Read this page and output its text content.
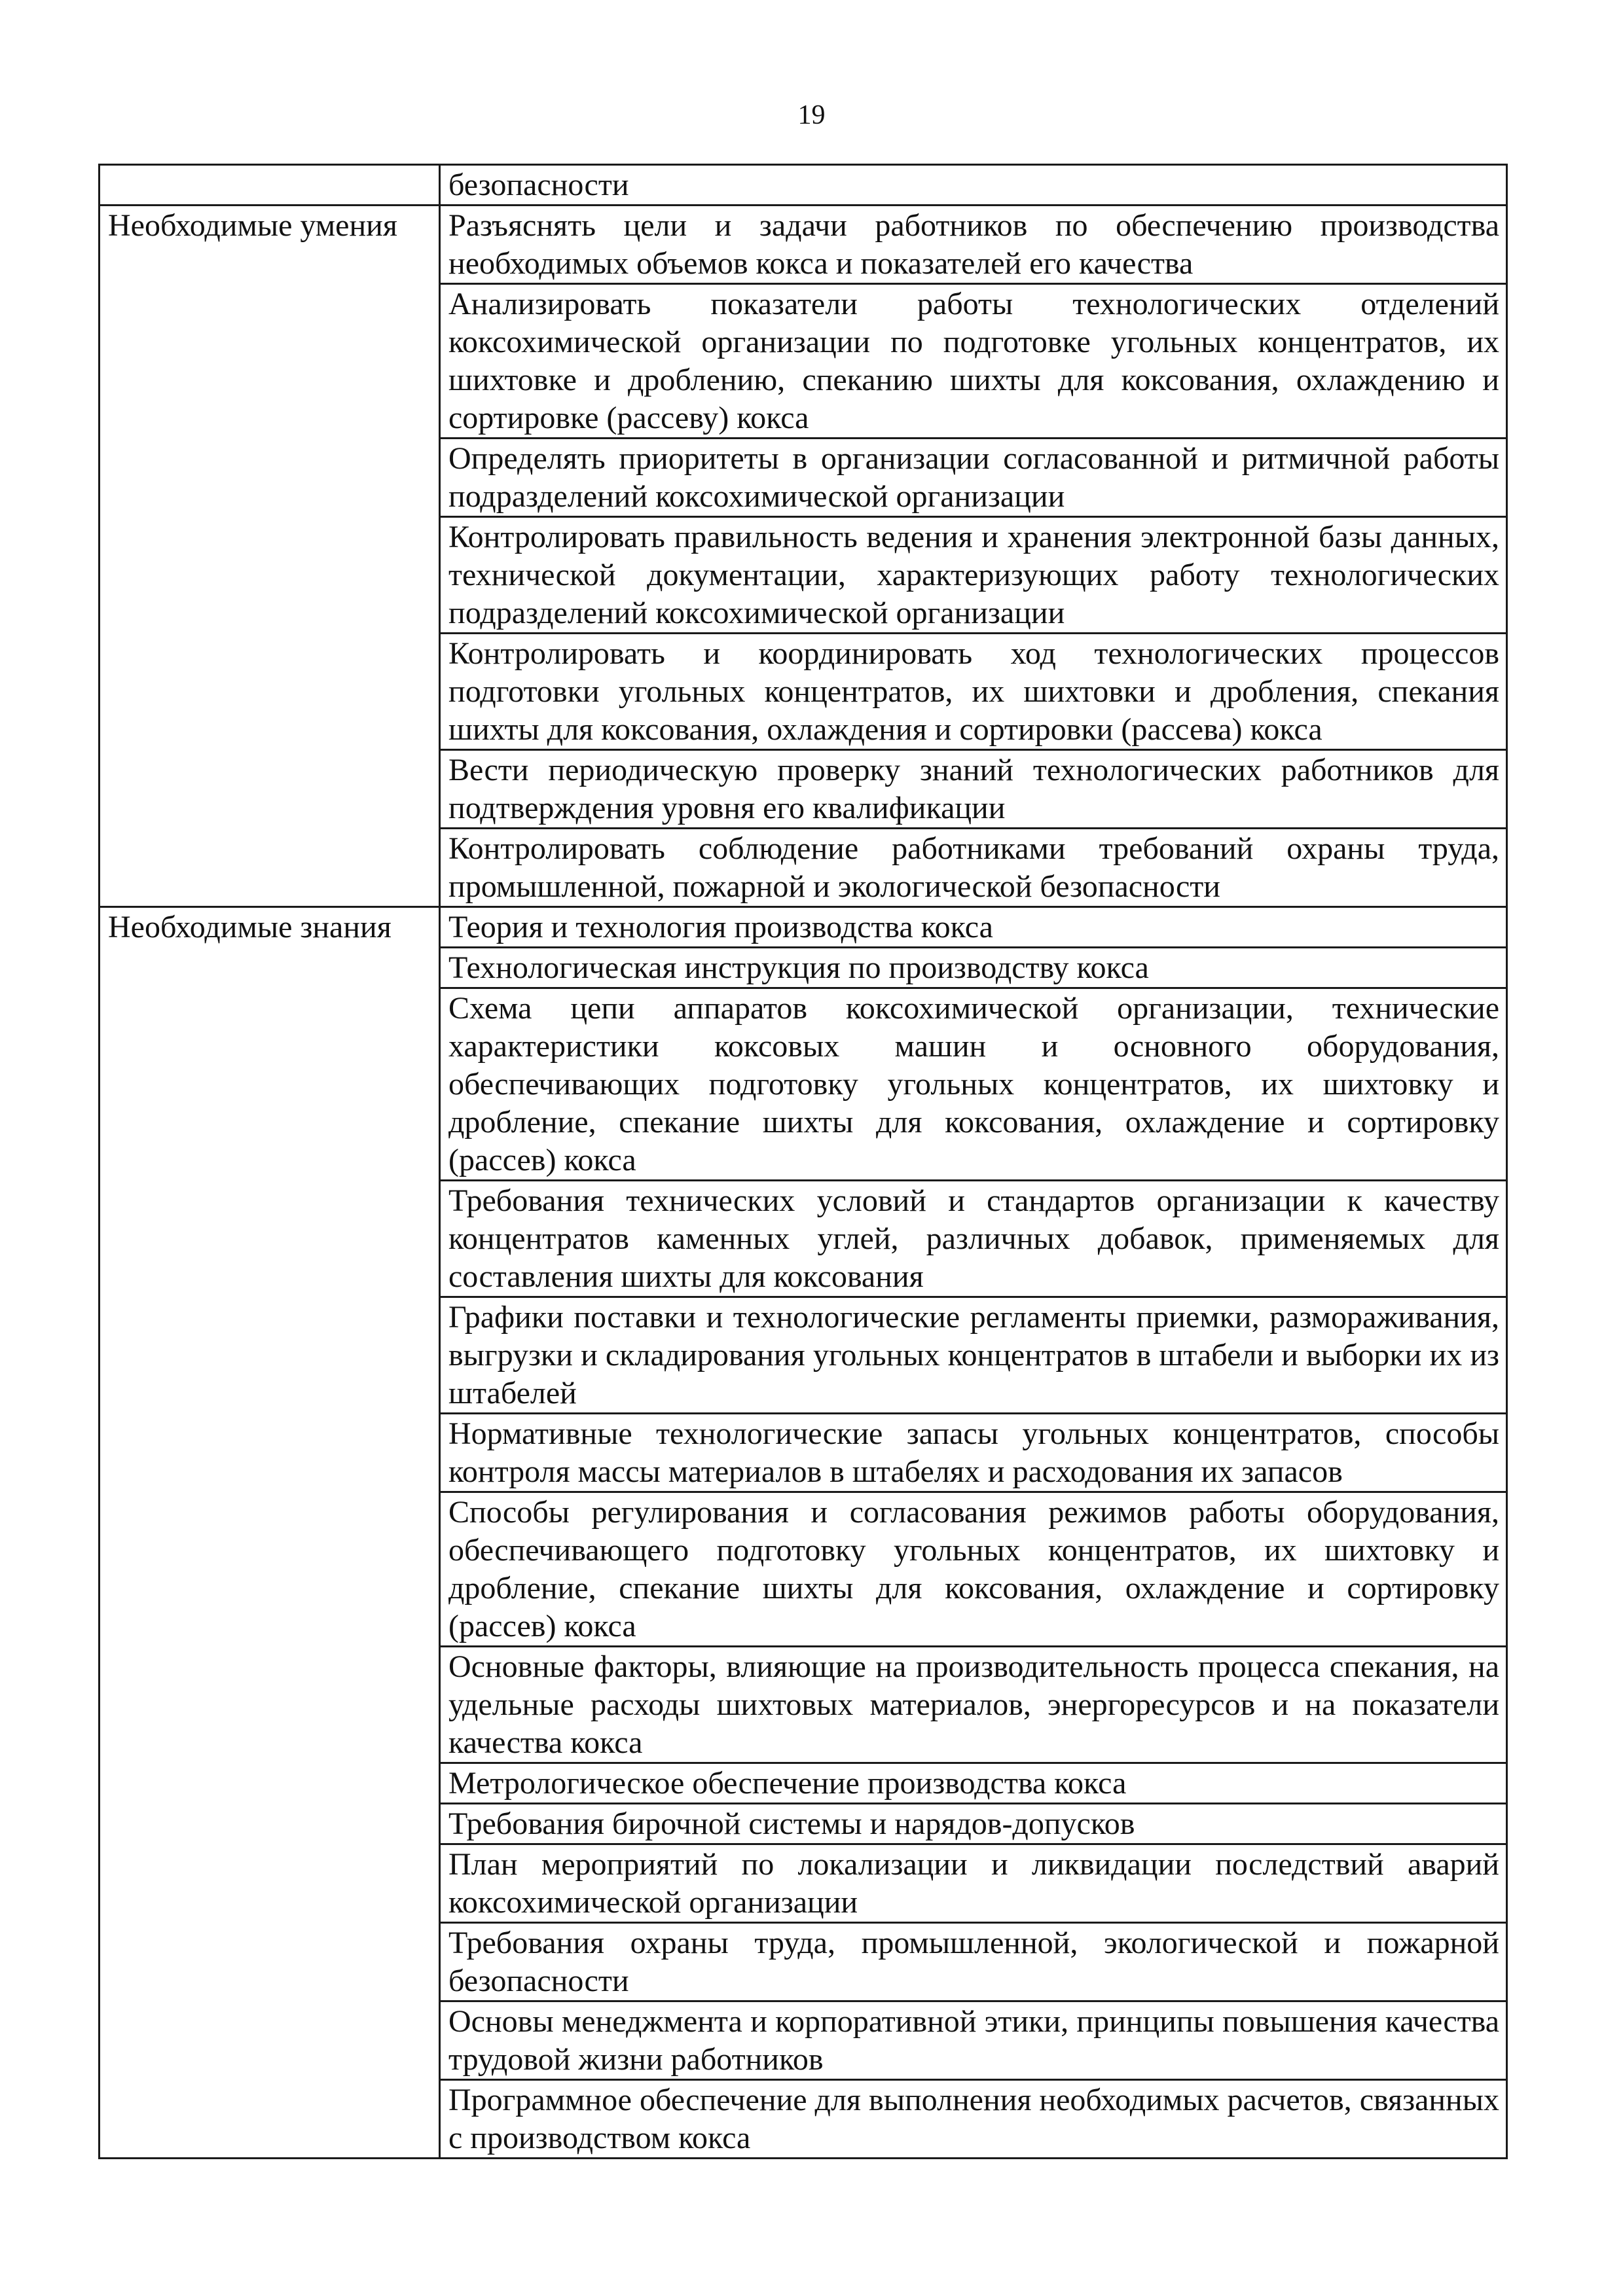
19
	безопасности
Необходимые умения	Разъяснять цели и задачи работников по обеспечению производства необходимых объемов кокса и показателей его качества
	Анализировать показатели работы технологических отделений коксохимической организации по подготовке угольных концентратов, их шихтовке и дроблению, спеканию шихты для коксования, охлаждению и сортировке (рассеву) кокса
	Определять приоритеты в организации согласованной и ритмичной работы подразделений коксохимической организации
	Контролировать правильность ведения и хранения электронной базы данных, технической документации, характеризующих работу технологических подразделений коксохимической организации
	Контролировать и координировать ход технологических процессов подготовки угольных концентратов, их шихтовки и дробления, спекания шихты для коксования, охлаждения и сортировки (рассева) кокса
	Вести периодическую проверку знаний технологических работников для подтверждения уровня его квалификации
	Контролировать соблюдение работниками требований охраны труда, промышленной, пожарной и экологической безопасности
Необходимые знания	Теория и технология производства кокса
	Технологическая инструкция по производству кокса
	Схема цепи аппаратов коксохимической организации, технические характеристики коксовых машин и основного оборудования, обеспечивающих подготовку угольных концентратов, их шихтовку и дробление, спекание шихты для коксования, охлаждение и сортировку (рассев) кокса
	Требования технических условий и стандартов организации к качеству концентратов каменных углей, различных добавок, применяемых для составления шихты для коксования
	Графики поставки и технологические регламенты приемки, размораживания, выгрузки и складирования угольных концентратов в штабели и выборки их из штабелей
	Нормативные технологические запасы угольных концентратов, способы контроля массы материалов в штабелях и расходования их запасов
	Способы регулирования и согласования режимов работы оборудования, обеспечивающего подготовку угольных концентратов, их шихтовку и дробление, спекание шихты для коксования, охлаждение и сортировку (рассев) кокса
	Основные факторы, влияющие на производительность процесса спекания, на удельные расходы шихтовых материалов, энергоресурсов и на показатели качества кокса
	Метрологическое обеспечение производства кокса
	Требования бирочной системы и нарядов-допусков
	План мероприятий по локализации и ликвидации последствий аварий коксохимической организации
	Требования охраны труда, промышленной, экологической и пожарной безопасности
	Основы менеджмента и корпоративной этики, принципы повышения качества трудовой жизни работников
	Программное обеспечение для выполнения необходимых расчетов, связанных с производством кокса
